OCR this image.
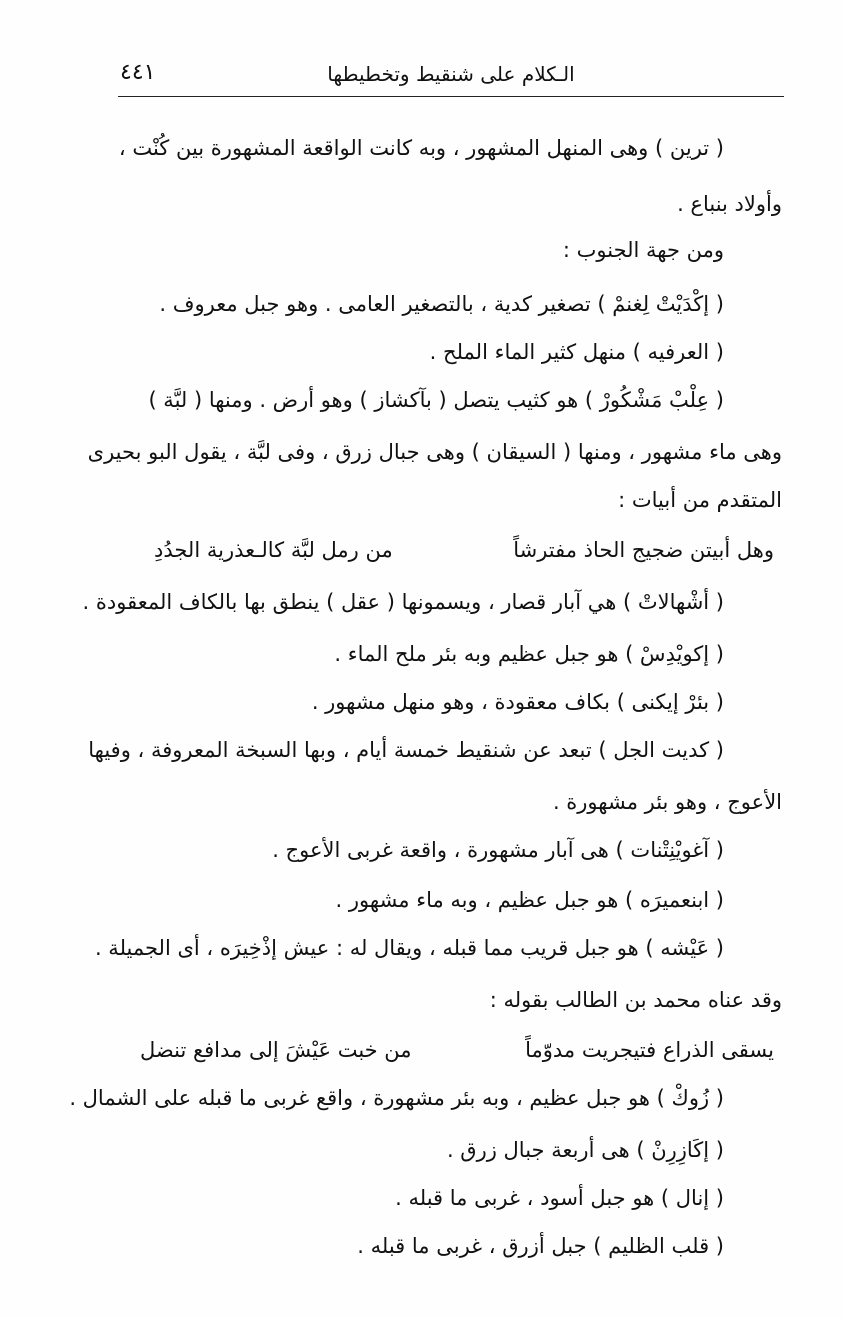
الـكلام على شنقيط وتخطيطها
٤٤١
( ترين ) وهى المنهل المشهور ، وبه كانت الواقعة المشهورة بين كُنْت ،
وأولاد بنباع .
ومن جهة الجنوب :
( إكْدَيْتْ لِغنمْ ) تصغير كدية ، بالتصغير العامى . وهو جبل معروف .
( العرفيه ) منهل كثير الماء الملح .
( عِلْبْ مَشْكُورْ ) هو كثيب يتصل ( بآكشاز ) وهو أرض . ومنها ( لبَّة )
وهى ماء مشهور ، ومنها ( السيقان ) وهى جبال زرق ، وفى لبَّة ، يقول البو بحيرى
المتقدم من أبيات :
وهل أبيتن ضجيج الحاذ مفترشاً
من رمل لبَّة كالـعذرية الجدُدِ
( أشْهالاتْ ) هي آبار قصار ، ويسمونها ( عقل ) ينطق بها بالكاف المعقودة .
( إكويْدِسْ ) هو جبل عظيم وبه بئر ملح الماء .
( بئرْ إيكنى ) بكاف معقودة ، وهو منهل مشهور .
( كديت الجل ) تبعد عن شنقيط خمسة أيام ، وبها السبخة المعروفة ، وفيها
الأعوج ، وهو بئر مشهورة .
( آغويْنِتْنات ) هى آبار مشهورة ، واقعة غربى الأعوج .
( ابنعميرَه ) هو جبل عظيم ، وبه ماء مشهور .
( عَيْشه ) هو جبل قريب مما قبله ، ويقال له : عيش إذْخِيرَه ، أى الجميلة .
وقد عناه محمد بن الطالب بقوله :
يسقى الذراع فتيجريت مدوّماً
من خبت عَيْشَ إلى مدافع تنضل
( زُوكْ ) هو جبل عظيم ، وبه بئر مشهورة ، واقع غربى ما قبله على الشمال .
( إكَازِرِنْ ) هى أربعة جبال زرق .
( إنال ) هو جبل أسود ، غربى ما قبله .
( قلب الظليم ) جبل أزرق ، غربى ما قبله .
